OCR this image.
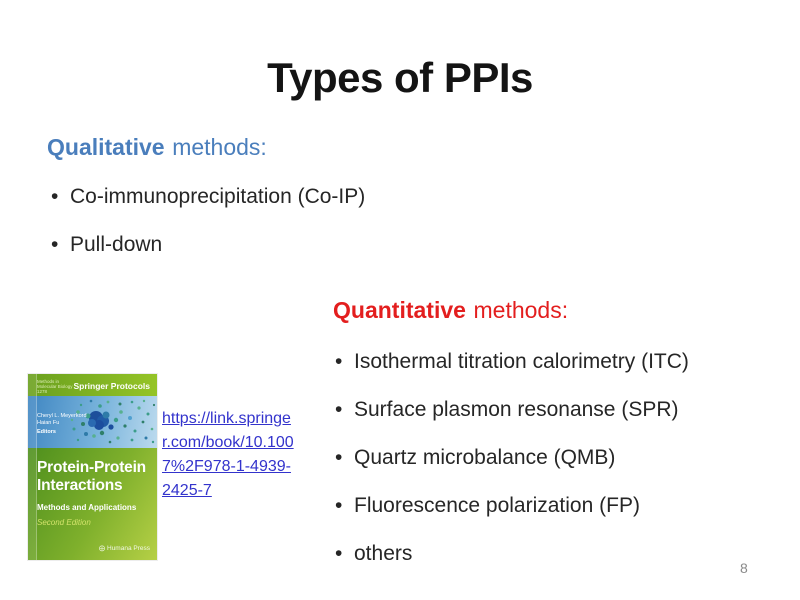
Types of PPIs
Qualitative methods:
•
Co-immunoprecipitation (Co-IP)
•
Pull-down
Quantitative methods:
•
Isothermal titration calorimetry (ITC)
•
Surface plasmon resonanse (SPR)
•
Quartz microbalance (QMB)
•
Fluorescence polarization (FP)
•
others
https://link.springer.com/book/10.1007%2F978-1-4939-2425-7
Methods in
Molecular Biology 1278
Springer Protocols
Cheryl L. Meyerkord
Haian Fu
Editors
Protein-Protein
Interactions
Methods and Applications
Second Edition
⨁ Humana Press
8
